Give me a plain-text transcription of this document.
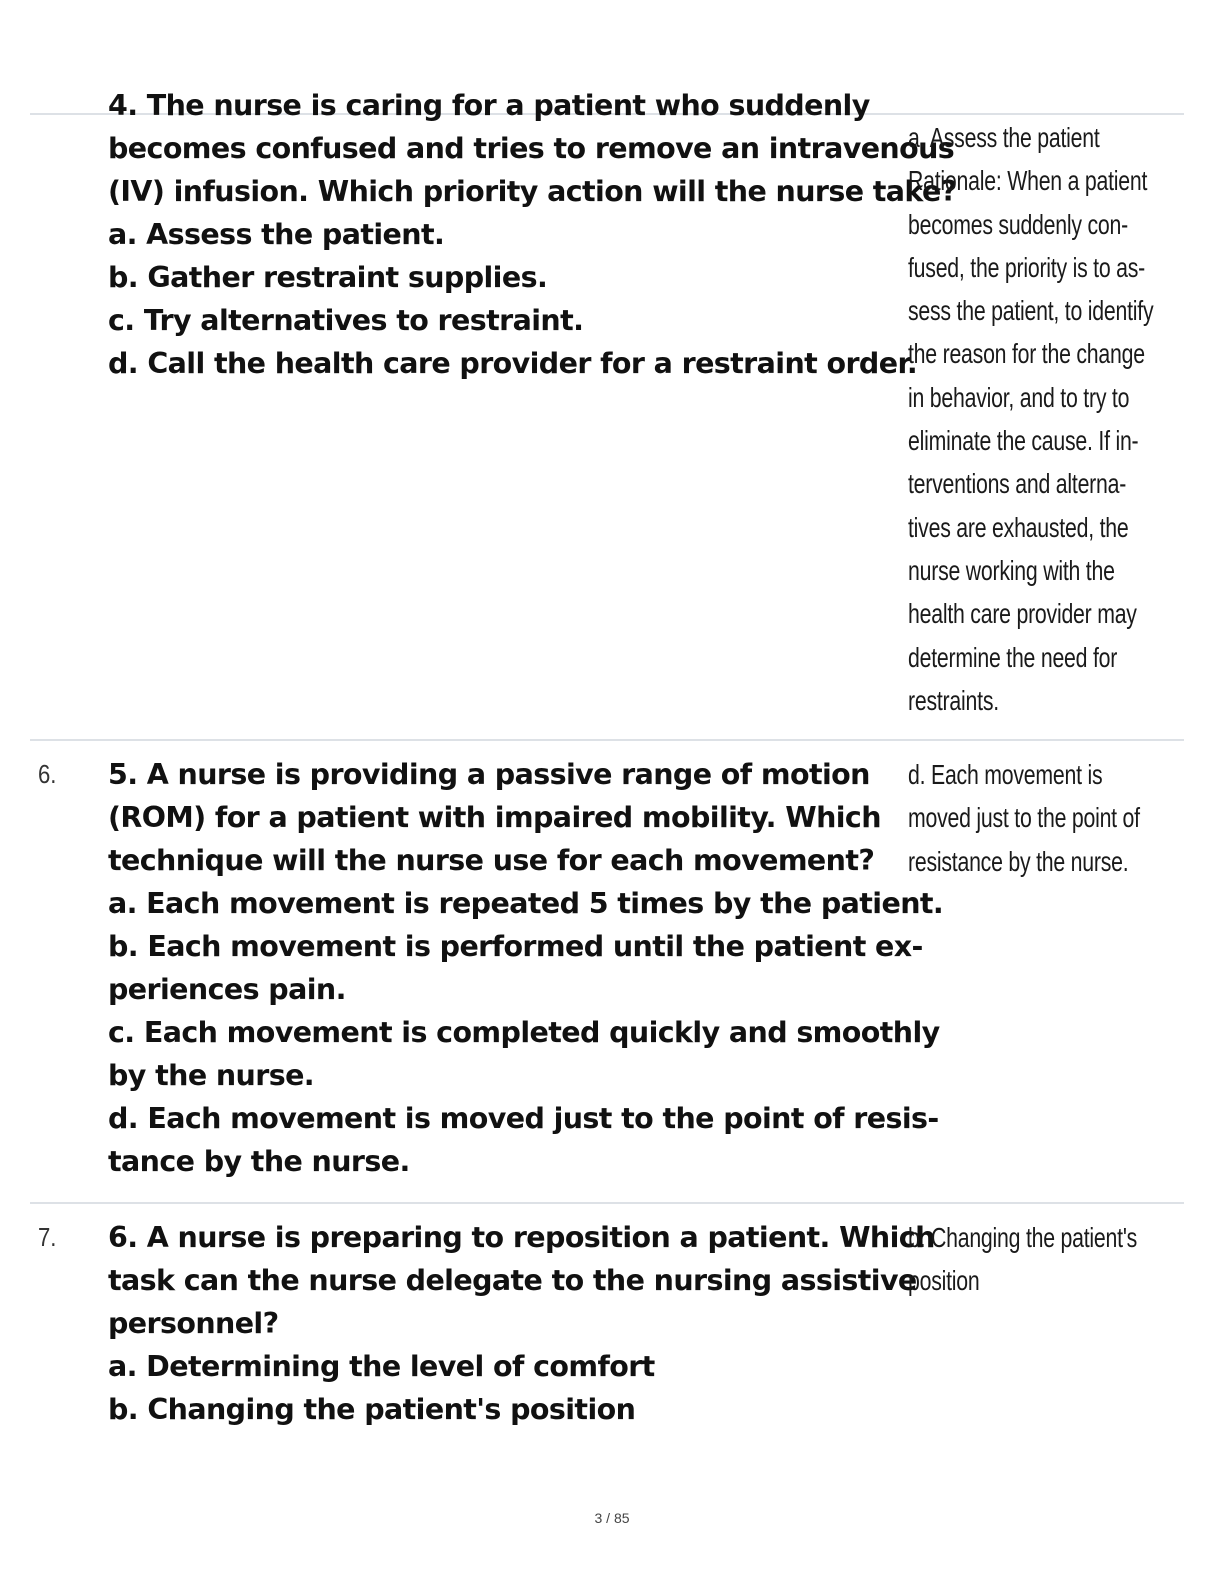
4. The nurse is caring for a patient who suddenly
becomes confused and tries to remove an intravenous
(IV) infusion. Which priority action will the nurse take?
a. Assess the patient.
b. Gather restraint supplies.
c. Try alternatives to restraint.
d. Call the health care provider for a restraint order.
a. Assess the patient
Rationale: When a patient
becomes suddenly con-
fused, the priority is to as-
sess the patient, to identify
the reason for the change
in behavior, and to try to
eliminate the cause. If in-
terventions and alterna-
tives are exhausted, the
nurse working with the
health care provider may
determine the need for
restraints.
6. 5. A nurse is providing a passive range of motion
(ROM) for a patient with impaired mobility. Which
technique will the nurse use for each movement?
a. Each movement is repeated 5 times by the patient.
b. Each movement is performed until the patient ex-
periences pain.
c. Each movement is completed quickly and smoothly
by the nurse.
d. Each movement is moved just to the point of resis-
tance by the nurse.
d. Each movement is
moved just to the point of
resistance by the nurse.
7. 6. A nurse is preparing to reposition a patient. Which
task can the nurse delegate to the nursing assistive
personnel?
a. Determining the level of comfort
b. Changing the patient's position
b. Changing the patient's
position
3 / 85
